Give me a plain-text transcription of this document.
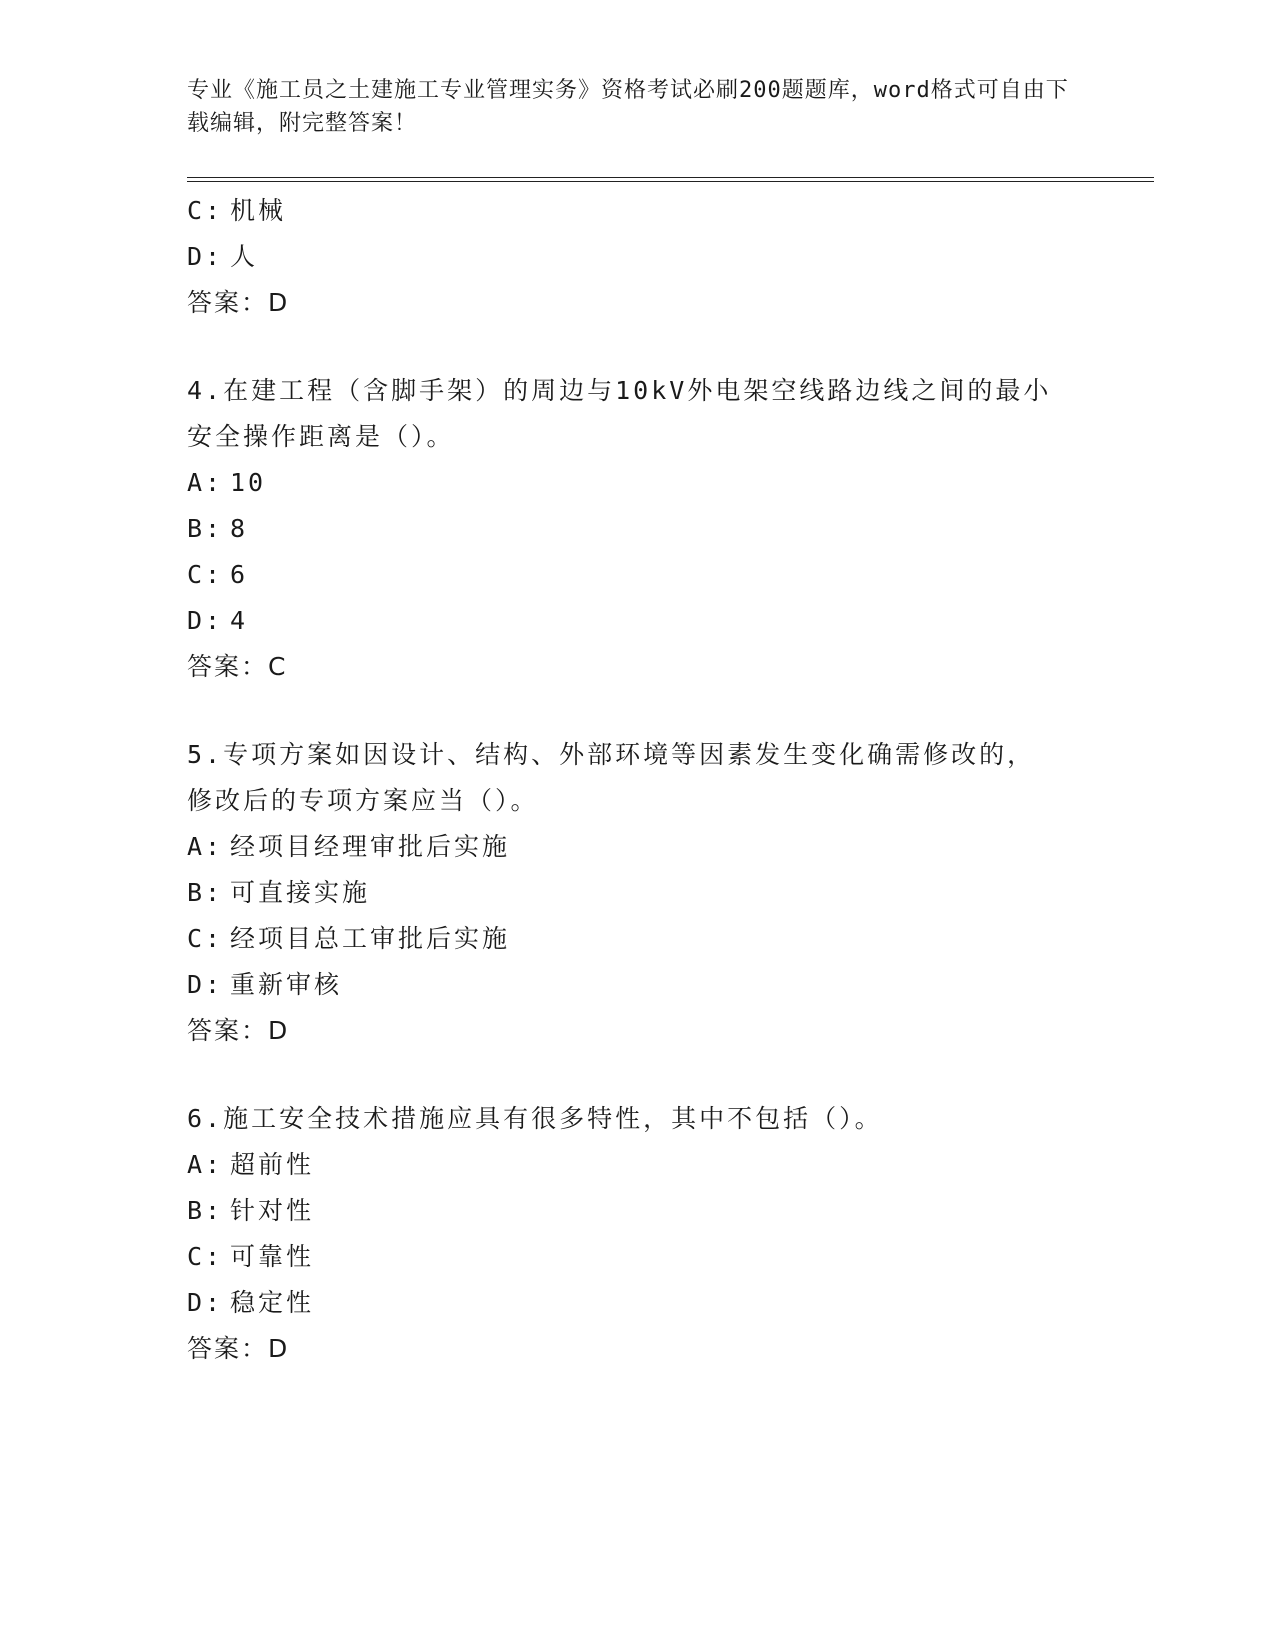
专业《施工员之土建施工专业管理实务》资格考试必刷200题题库，word格式可自由下载编辑，附完整答案！
C: 机械
D: 人
答案：D
4.在建工程（含脚手架）的周边与10kV外电架空线路边线之间的最小
安全操作距离是（）。
A: 10
B: 8
C: 6
D: 4
答案：C
5.专项方案如因设计、结构、外部环境等因素发生变化确需修改的，
修改后的专项方案应当（）。
A: 经项目经理审批后实施
B: 可直接实施
C: 经项目总工审批后实施
D: 重新审核
答案：D
6.施工安全技术措施应具有很多特性，其中不包括（）。
A: 超前性
B: 针对性
C: 可靠性
D: 稳定性
答案：D
